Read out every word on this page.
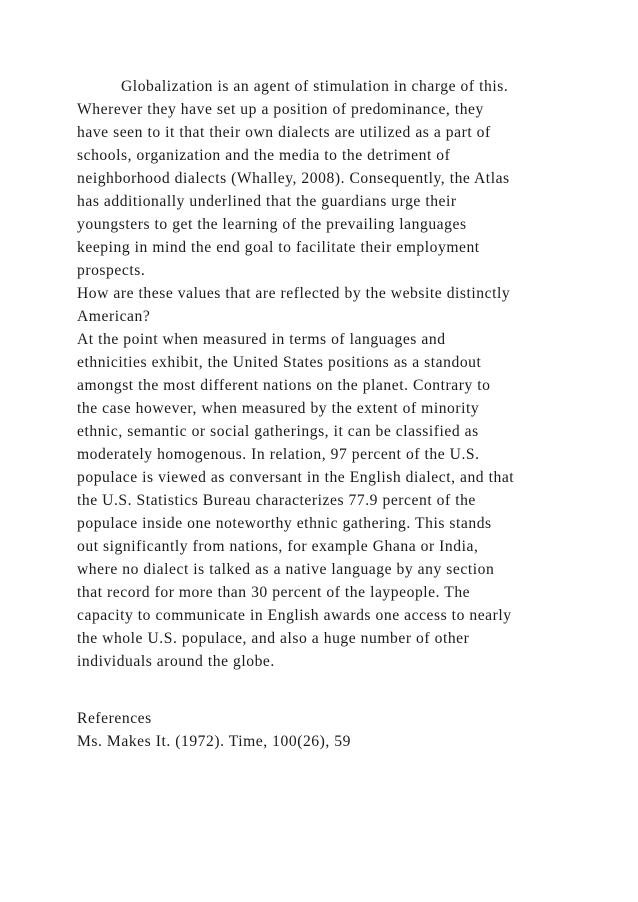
Globalization is an agent of stimulation in charge of this.
Wherever they have set up a position of predominance, they
have seen to it that their own dialects are utilized as a part of
schools, organization and the media to the detriment of
neighborhood dialects (Whalley, 2008). Consequently, the Atlas
has additionally underlined that the guardians urge their
youngsters to get the learning of the prevailing languages
keeping in mind the end goal to facilitate their employment
prospects.
How are these values that are reflected by the website distinctly
American?
At the point when measured in terms of languages and
ethnicities exhibit, the United States positions as a standout
amongst the most different nations on the planet. Contrary to
the case however, when measured by the extent of minority
ethnic, semantic or social gatherings, it can be classified as
moderately homogenous. In relation, 97 percent of the U.S.
populace is viewed as conversant in the English dialect, and that
the U.S. Statistics Bureau characterizes 77.9 percent of the
populace inside one noteworthy ethnic gathering. This stands
out significantly from nations, for example Ghana or India,
where no dialect is talked as a native language by any section
that record for more than 30 percent of the laypeople. The
capacity to communicate in English awards one access to nearly
the whole U.S. populace, and also a huge number of other
individuals around the globe.
References
Ms. Makes It. (1972). Time, 100(26), 59
